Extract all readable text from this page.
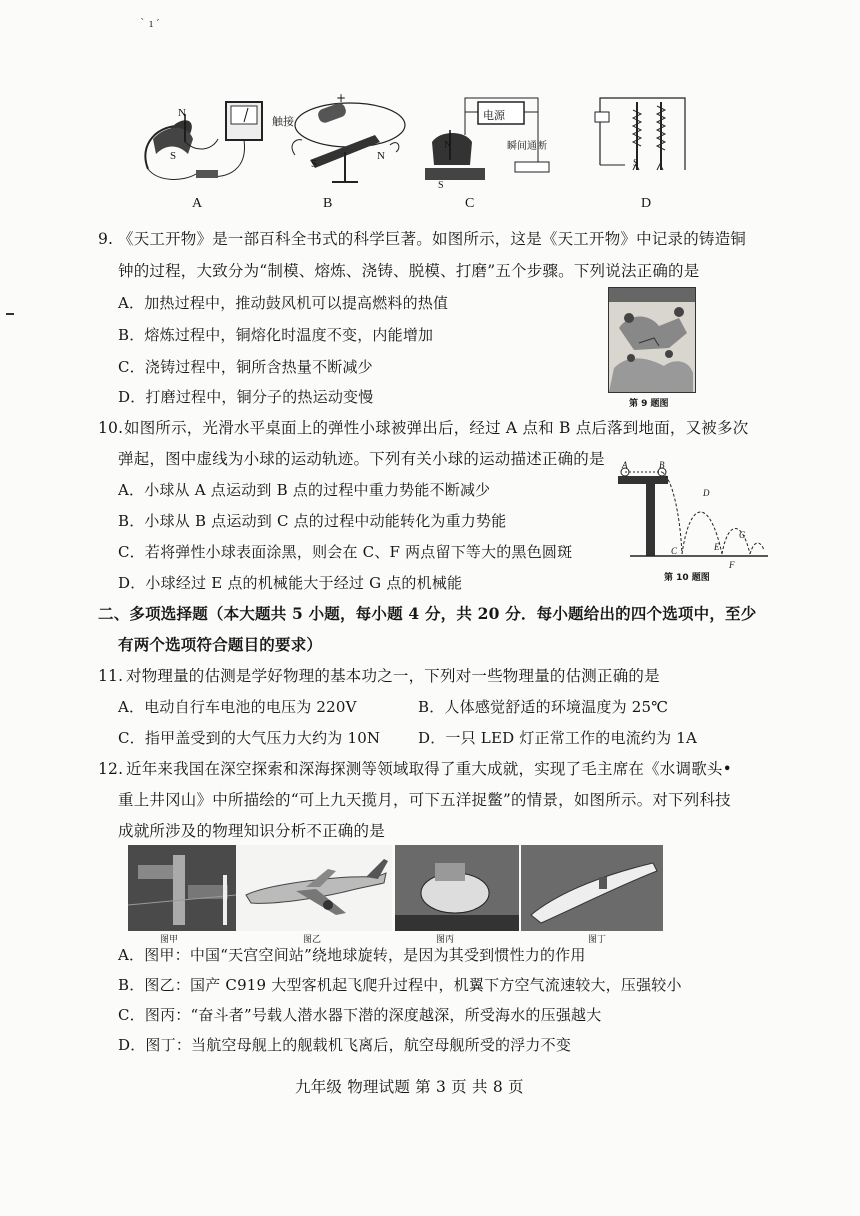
` ı ′
N
S
A
+
触接
S
N
B
电源
瞬间通断
N
S
C
S
D
9. 《天工开物》是一部百科全书式的科学巨著。如图所示，这是《天工开物》中记录的铸造铜
钟的过程，大致分为“制模、熔炼、浇铸、脱模、打磨”五个步骤。下列说法正确的是
A．加热过程中，推动鼓风机可以提高燃料的热值
B．熔炼过程中，铜熔化时温度不变，内能增加
C．浇铸过程中，铜所含热量不断减少
D．打磨过程中，铜分子的热运动变慢	第 9 题图
10. 如图所示，光滑水平桌面上的弹性小球被弹出后，经过 A 点和 B 点后落到地面，又被多次
弹起，图中虚线为小球的运动轨迹。下列有关小球的运动描述正确的是
A．小球从 A 点运动到 B 点的过程中重力势能不断减少
B．小球从 B 点运动到 C 点的过程中动能转化为重力势能
C．若将弹性小球表面涂黑，则会在 C、F 两点留下等大的黑色圆斑
D．小球经过 E 点的机械能大于经过 G 点的机械能
A	B
C
D
E
F
G
第 10 题图
二、多项选择题（本大题共 5 小题，每小题 4 分，共 20 分．每小题给出的四个选项中，至少
有两个选项符合题目的要求）
11. 对物理量的估测是学好物理的基本功之一，下列对一些物理量的估测正确的是
A．电动自行车电池的电压为 220V	B．人体感觉舒适的环境温度为 25℃
C．指甲盖受到的大气压力大约为 10N	D．一只 LED 灯正常工作的电流约为 1A
12. 近年来我国在深空探索和深海探测等领域取得了重大成就，实现了毛主席在《水调歌头•
重上井冈山》中所描绘的“可上九天揽月，可下五洋捉鳖”的情景，如图所示。对下列科技
成就所涉及的物理知识分析不正确的是
图甲	图乙	图丙	图丁
A．图甲：中国“天宫空间站”绕地球旋转，是因为其受到惯性力的作用
B．图乙：国产 C919 大型客机起飞爬升过程中，机翼下方空气流速较大，压强较小
C．图丙：“奋斗者”号载人潜水器下潜的深度越深，所受海水的压强越大
D．图丁：当航空母舰上的舰载机飞离后，航空母舰所受的浮力不变
九年级 物理试题 第 3 页 共 8 页
